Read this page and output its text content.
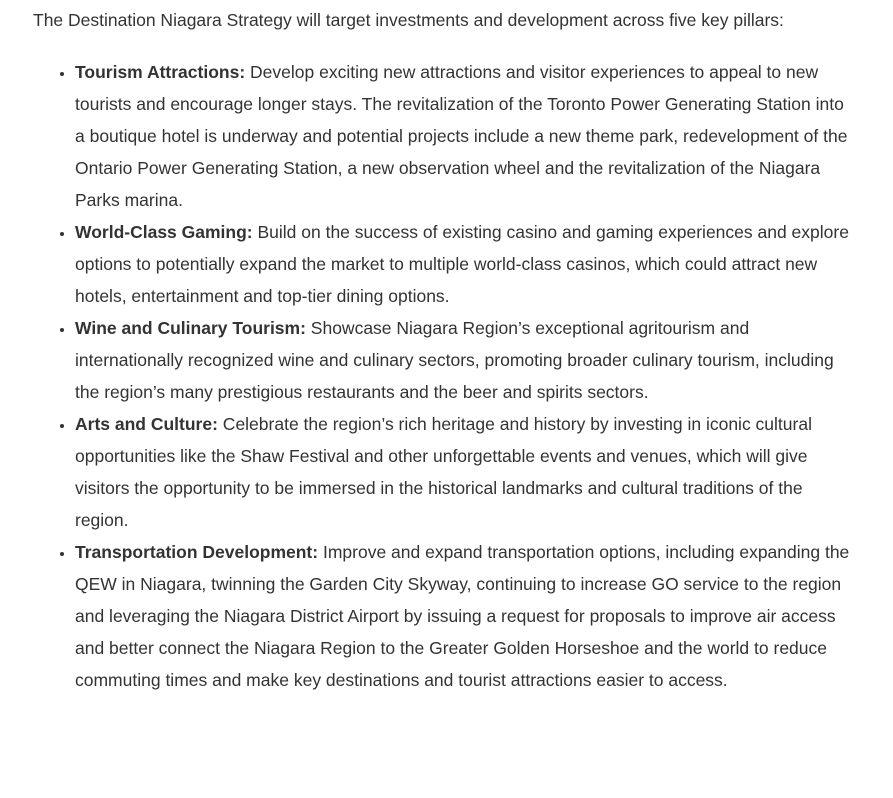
The Destination Niagara Strategy will target investments and development across five key pillars:

• Tourism Attractions: Develop exciting new attractions and visitor experiences to appeal to new tourists and encourage longer stays. The revitalization of the Toronto Power Generating Station into a boutique hotel is underway and potential projects include a new theme park, redevelopment of the Ontario Power Generating Station, a new observation wheel and the revitalization of the Niagara Parks marina.
• World-Class Gaming: Build on the success of existing casino and gaming experiences and explore options to potentially expand the market to multiple world-class casinos, which could attract new hotels, entertainment and top-tier dining options.
• Wine and Culinary Tourism: Showcase Niagara Region’s exceptional agritourism and internationally recognized wine and culinary sectors, promoting broader culinary tourism, including the region’s many prestigious restaurants and the beer and spirits sectors.
• Arts and Culture: Celebrate the region’s rich heritage and history by investing in iconic cultural opportunities like the Shaw Festival and other unforgettable events and venues, which will give visitors the opportunity to be immersed in the historical landmarks and cultural traditions of the region.
• Transportation Development: Improve and expand transportation options, including expanding the QEW in Niagara, twinning the Garden City Skyway, continuing to increase GO service to the region and leveraging the Niagara District Airport by issuing a request for proposals to improve air access and better connect the Niagara Region to the Greater Golden Horseshoe and the world to reduce commuting times and make key destinations and tourist attractions easier to access.
